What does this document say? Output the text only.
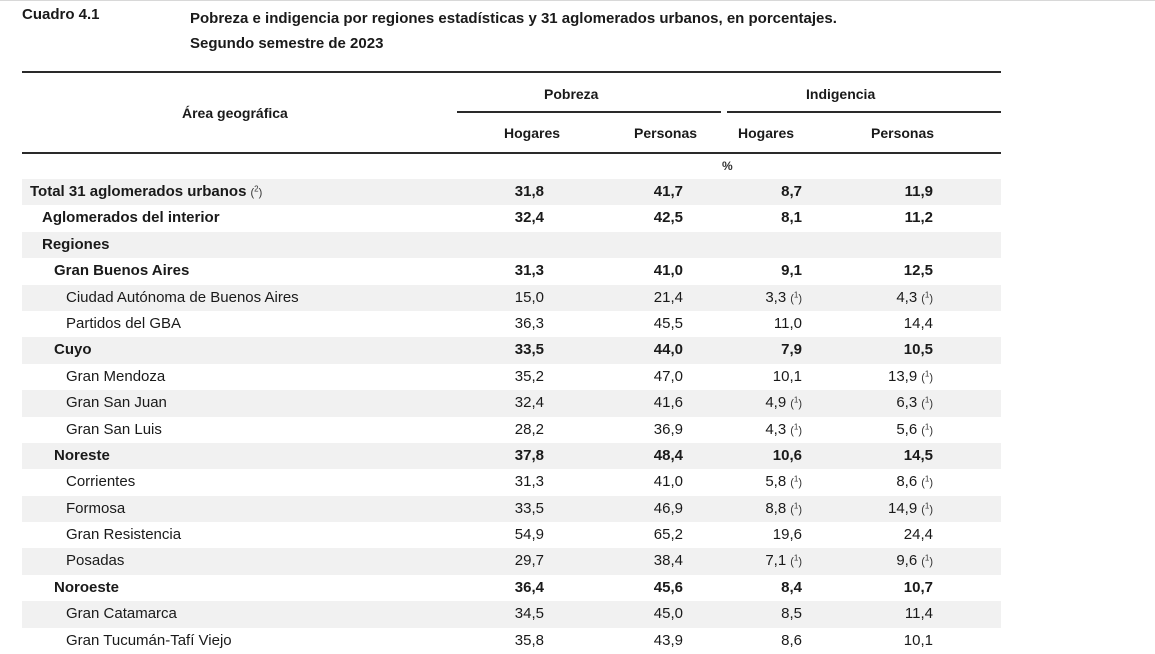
Cuadro 4.1	Pobreza e indigencia por regiones estadísticas y 31 aglomerados urbanos, en porcentajes.
Segundo semestre de 2023
Área geográfica
Pobreza	Indigencia
Hogares	Personas	Hogares	Personas
%
Total 31 aglomerados urbanos ($^2$)	31,8	41,7	8,7	11,9
Aglomerados del interior	32,4	42,5	8,1	11,2
Regiones
Gran Buenos Aires	31,3	41,0	9,1	12,5
Ciudad Autónoma de Buenos Aires	15,0	21,4	3,3 ($^1$)	4,3 ($^1$)
Partidos del GBA	36,3	45,5	11,0	14,4
Cuyo	33,5	44,0	7,9	10,5
Gran Mendoza	35,2	47,0	10,1	13,9 ($^1$)
Gran San Juan	32,4	41,6	4,9 ($^1$)	6,3 ($^1$)
Gran San Luis	28,2	36,9	4,3 ($^1$)	5,6 ($^1$)
Noreste	37,8	48,4	10,6	14,5
Corrientes	31,3	41,0	5,8 ($^1$)	8,6 ($^1$)
Formosa	33,5	46,9	8,8 ($^1$)	14,9 ($^1$)
Gran Resistencia	54,9	65,2	19,6	24,4
Posadas	29,7	38,4	7,1 ($^1$)	9,6 ($^1$)
Noroeste	36,4	45,6	8,4	10,7
Gran Catamarca	34,5	45,0	8,5	11,4
Gran Tucumán-Tafí Viejo	35,8	43,9	8,6	10,1
